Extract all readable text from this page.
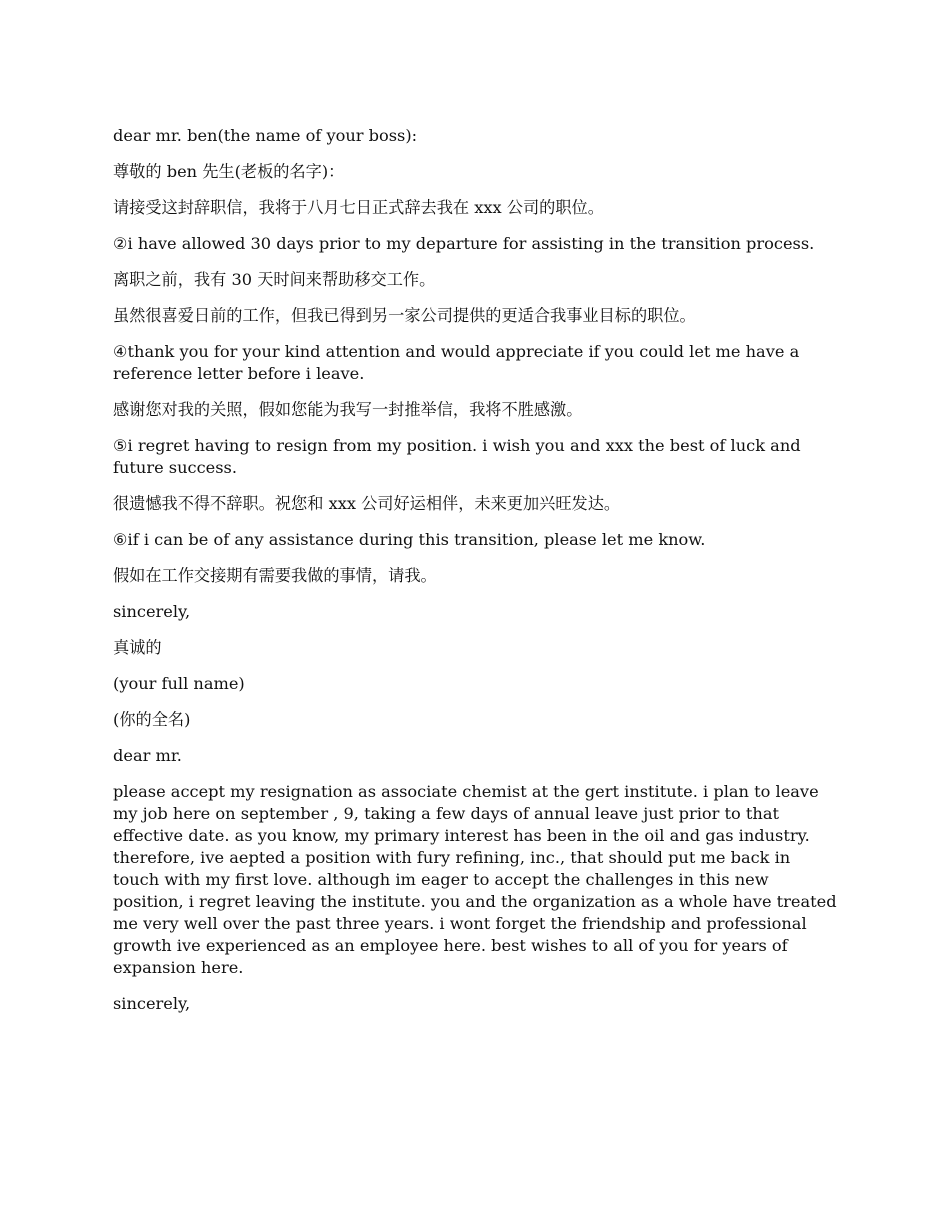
dear mr. ben(the name of your boss):

尊敬的 ben 先生(老板的名字)：

请接受这封辞职信，我将于八月七日正式辞去我在 xxx 公司的职位。

②i have allowed 30 days prior to my departure for assisting in the transition process.

离职之前，我有 30 天时间来帮助移交工作。

虽然很喜爱日前的工作，但我已得到另一家公司提供的更适合我事业目标的职位。

④thank you for your kind attention and would appreciate if you could let me have a reference letter before i leave.

感谢您对我的关照，假如您能为我写一封推举信，我将不胜感激。

⑤i regret having to resign from my position. i wish you and xxx the best of luck and future success.

很遗憾我不得不辞职。祝您和 xxx 公司好运相伴，未来更加兴旺发达。

⑥if i can be of any assistance during this transition, please let me know.

假如在工作交接期有需要我做的事情，请我。

sincerely,

真诚的

(your full name)

(你的全名)

dear mr.

please accept my resignation as associate chemist at the gert institute. i plan to leave my job here on september , 9, taking a few days of annual leave just prior to that effective date. as you know, my primary interest has been in the oil and gas industry. therefore, ive aepted a position with fury refining, inc., that should put me back in touch with my first love. although im eager to accept the challenges in this new position, i regret leaving the institute. you and the organization as a whole have treated me very well over the past three years. i wont forget the friendship and professional growth ive experienced as an employee here. best wishes to all of you for years of expansion here.

sincerely,
